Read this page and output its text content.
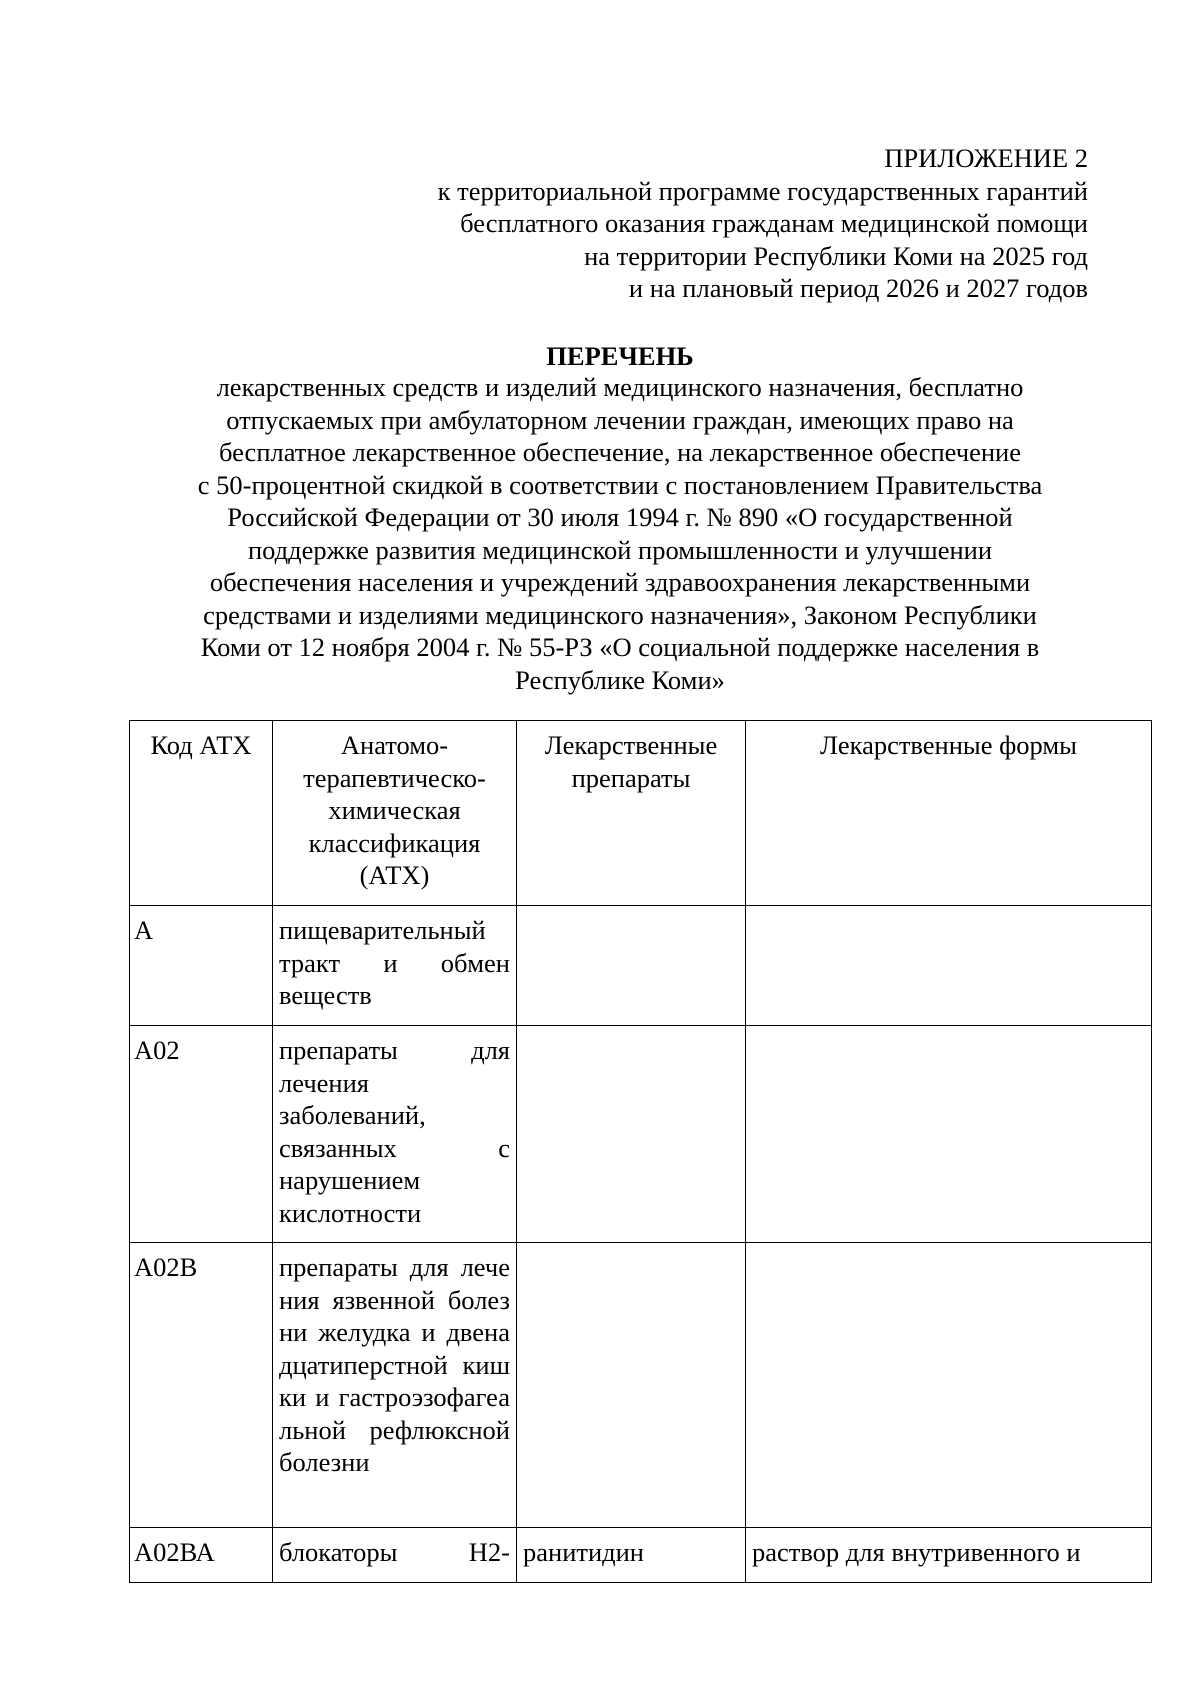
ПРИЛОЖЕНИЕ 2
к территориальной программе государственных гарантий
бесплатного оказания гражданам медицинской помощи
на территории Республики Коми на 2025 год
и на плановый период 2026 и 2027 годов
ПЕРЕЧЕНЬ
лекарственных средств и изделий медицинского назначения, бесплатно
отпускаемых при амбулаторном лечении граждан, имеющих право на
бесплатное лекарственное обеспечение, на лекарственное обеспечение
с 50-процентной скидкой в соответствии с постановлением Правительства
Российской Федерации от 30 июля 1994 г. № 890 «О государственной
поддержке развития медицинской промышленности и улучшении
обеспечения населения и учреждений здравоохранения лекарственными
средствами и изделиями медицинского назначения», Законом Республики
Коми от 12 ноября 2004 г. № 55-РЗ «О социальной поддержке населения в
Республике Коми»
Код АТХ	Анатомо-терапевтическо-химическая классификация (АТХ)	Лекарственные препараты	Лекарственные формы
А	пищеварительный тракт и обмен веществ		
А02	препараты для лечения заболеваний, связанных с нарушением кислотности		
А02В	препараты для лечения язвенной болезни желудка и двенадцатиперстной кишки и гастроэзофагеальной рефлюксной болезни		
А02ВА	блокаторы Н2-	ранитидин	раствор для внутривенного и
